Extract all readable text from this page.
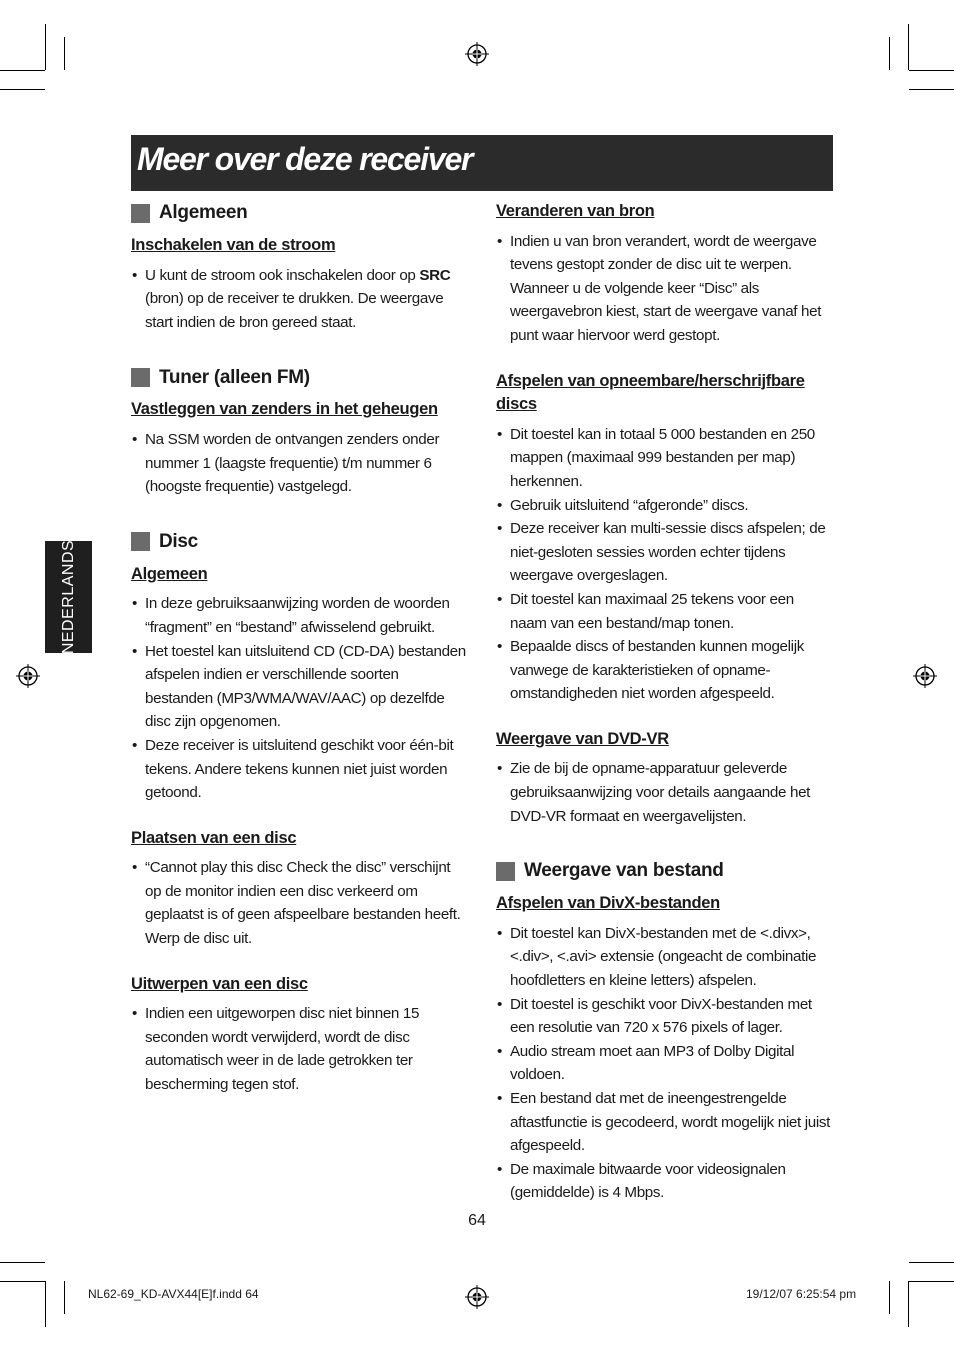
Meer over deze receiver
NEDERLANDS
Algemeen

Inschakelen van de stroom

• U kunt de stroom ook inschakelen door op SRC (bron) op de receiver te drukken. De weergave start indien de bron gereed staat.
Tuner (alleen FM)

Vastleggen van zenders in het geheugen

• Na SSM worden de ontvangen zenders onder nummer 1 (laagste frequentie) t/m nummer 6 (hoogste frequentie) vastgelegd.
Disc

Algemeen

• In deze gebruiksaanwijzing worden de woorden “fragment” en “bestand” afwisselend gebruikt.
• Het toestel kan uitsluitend CD (CD-DA) bestanden afspelen indien er verschillende soorten bestanden (MP3/WMA/WAV/AAC) op dezelfde disc zijn opgenomen.
• Deze receiver is uitsluitend geschikt voor één-bit tekens. Andere tekens kunnen niet juist worden getoond.

Plaatsen van een disc

• “Cannot play this disc Check the disc” verschijnt op de monitor indien een disc verkeerd om geplaatst is of geen afspeelbare bestanden heeft. Werp de disc uit.

Uitwerpen van een disc

• Indien een uitgeworpen disc niet binnen 15 seconden wordt verwijderd, wordt de disc automatisch weer in de lade getrokken ter bescherming tegen stof.

Veranderen van bron

• Indien u van bron verandert, wordt de weergave tevens gestopt zonder de disc uit te werpen. Wanneer u de volgende keer “Disc” als weergavebron kiest, start de weergave vanaf het punt waar hiervoor werd gestopt.

Afspelen van opneembare/herschrijfbare discs

• Dit toestel kan in totaal 5 000 bestanden en 250 mappen (maximaal 999 bestanden per map) herkennen.
• Gebruik uitsluitend “afgeronde” discs.
• Deze receiver kan multi-sessie discs afspelen; de niet-gesloten sessies worden echter tijdens weergave overgeslagen.
• Dit toestel kan maximaal 25 tekens voor een naam van een bestand/map tonen.
• Bepaalde discs of bestanden kunnen mogelijk vanwege de karakteristieken of opname-omstandigheden niet worden afgespeeld.

Weergave van DVD-VR

• Zie de bij de opname-apparatuur geleverde gebruiksaanwijzing voor details aangaande het DVD-VR formaat en weergavelijsten.
Weergave van bestand

Afspelen van DivX-bestanden

• Dit toestel kan DivX-bestanden met de <.divx>, <.div>, <.avi> extensie (ongeacht de combinatie hoofdletters en kleine letters) afspelen.
• Dit toestel is geschikt voor DivX-bestanden met een resolutie van 720 x 576 pixels of lager.
• Audio stream moet aan MP3 of Dolby Digital voldoen.
• Een bestand dat met de ineengestrengelde aftastfunctie is gecodeerd, wordt mogelijk niet juist afgespeeld.
• De maximale bitwaarde voor videosignalen (gemiddelde) is 4 Mbps.
64
NL62-69_KD-AVX44[E]f.indd 64	19/12/07 6:25:54 pm
